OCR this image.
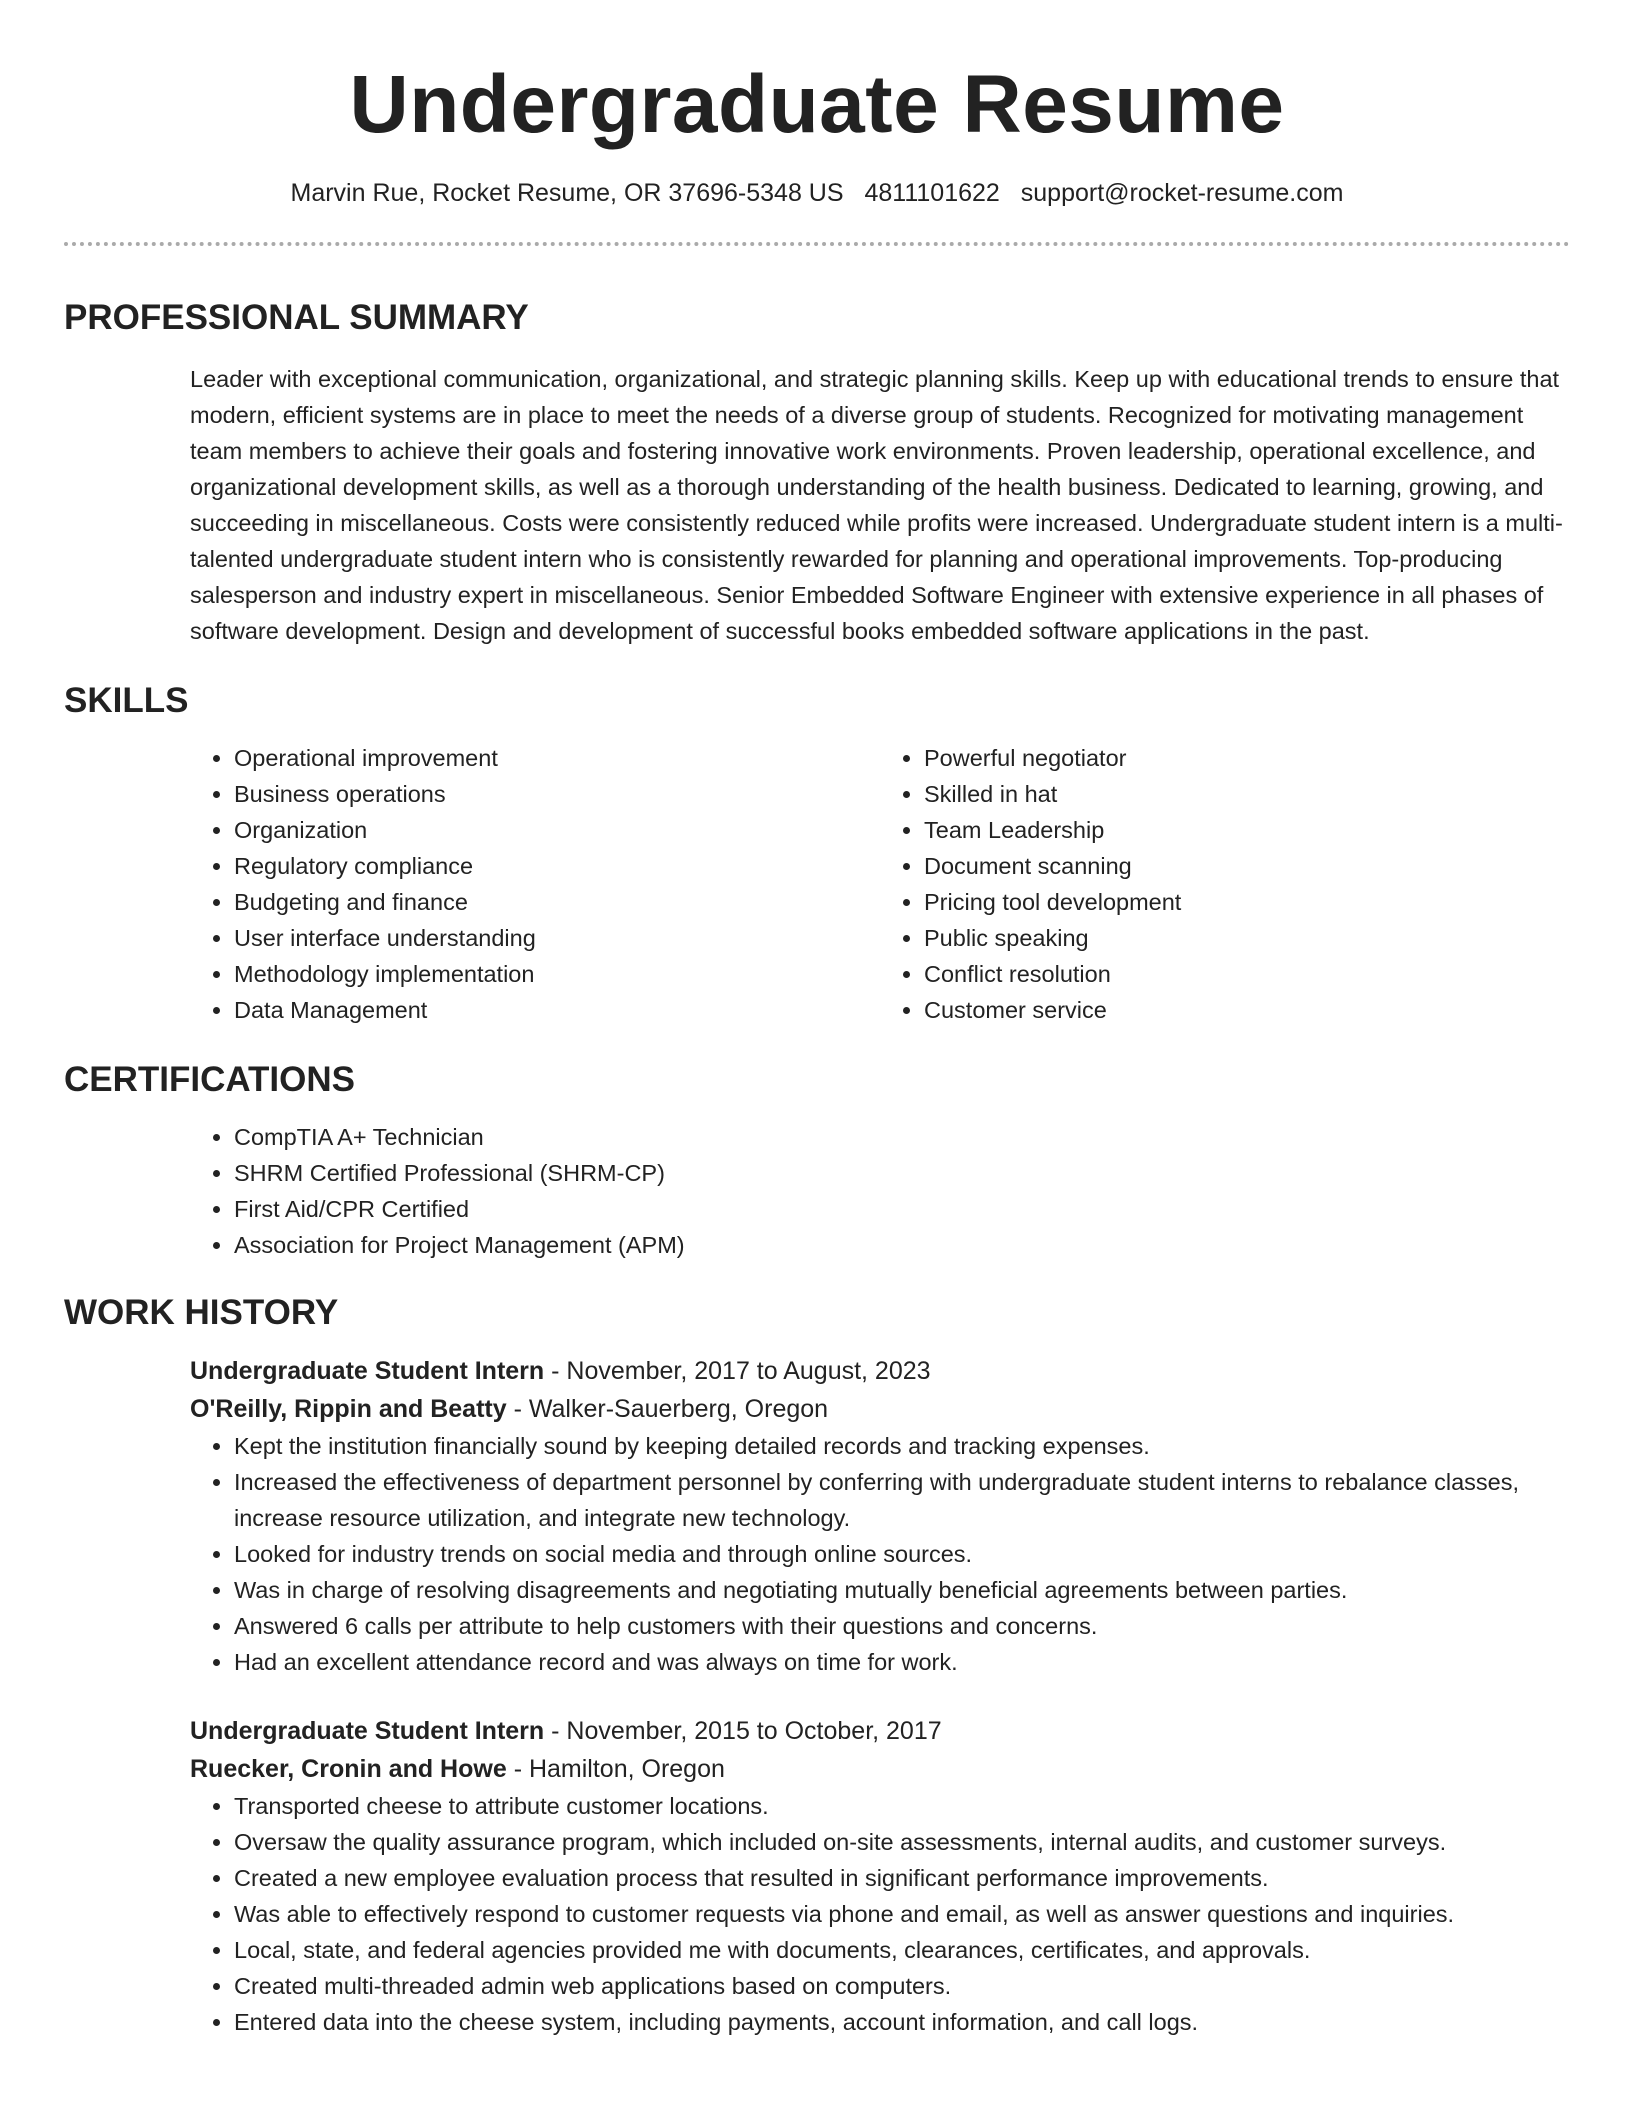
Undergraduate Resume
Marvin Rue, Rocket Resume, OR 37696-5348 US 4811101622 support@rocket-resume.com
PROFESSIONAL SUMMARY
Leader with exceptional communication, organizational, and strategic planning skills. Keep up with educational trends to ensure that modern, efficient systems are in place to meet the needs of a diverse group of students. Recognized for motivating management team members to achieve their goals and fostering innovative work environments. Proven leadership, operational excellence, and organizational development skills, as well as a thorough understanding of the health business. Dedicated to learning, growing, and succeeding in miscellaneous. Costs were consistently reduced while profits were increased. Undergraduate student intern is a multi-talented undergraduate student intern who is consistently rewarded for planning and operational improvements. Top-producing salesperson and industry expert in miscellaneous. Senior Embedded Software Engineer with extensive experience in all phases of software development. Design and development of successful books embedded software applications in the past.
SKILLS
• Operational improvement
• Business operations
• Organization
• Regulatory compliance
• Budgeting and finance
• User interface understanding
• Methodology implementation
• Data Management
• Powerful negotiator
• Skilled in hat
• Team Leadership
• Document scanning
• Pricing tool development
• Public speaking
• Conflict resolution
• Customer service
CERTIFICATIONS
• CompTIA A+ Technician
• SHRM Certified Professional (SHRM-CP)
• First Aid/CPR Certified
• Association for Project Management (APM)
WORK HISTORY
Undergraduate Student Intern - November, 2017 to August, 2023
O'Reilly, Rippin and Beatty - Walker-Sauerberg, Oregon
• Kept the institution financially sound by keeping detailed records and tracking expenses.
• Increased the effectiveness of department personnel by conferring with undergraduate student interns to rebalance classes, increase resource utilization, and integrate new technology.
• Looked for industry trends on social media and through online sources.
• Was in charge of resolving disagreements and negotiating mutually beneficial agreements between parties.
• Answered 6 calls per attribute to help customers with their questions and concerns.
• Had an excellent attendance record and was always on time for work.
Undergraduate Student Intern - November, 2015 to October, 2017
Ruecker, Cronin and Howe - Hamilton, Oregon
• Transported cheese to attribute customer locations.
• Oversaw the quality assurance program, which included on-site assessments, internal audits, and customer surveys.
• Created a new employee evaluation process that resulted in significant performance improvements.
• Was able to effectively respond to customer requests via phone and email, as well as answer questions and inquiries.
• Local, state, and federal agencies provided me with documents, clearances, certificates, and approvals.
• Created multi-threaded admin web applications based on computers.
• Entered data into the cheese system, including payments, account information, and call logs.
